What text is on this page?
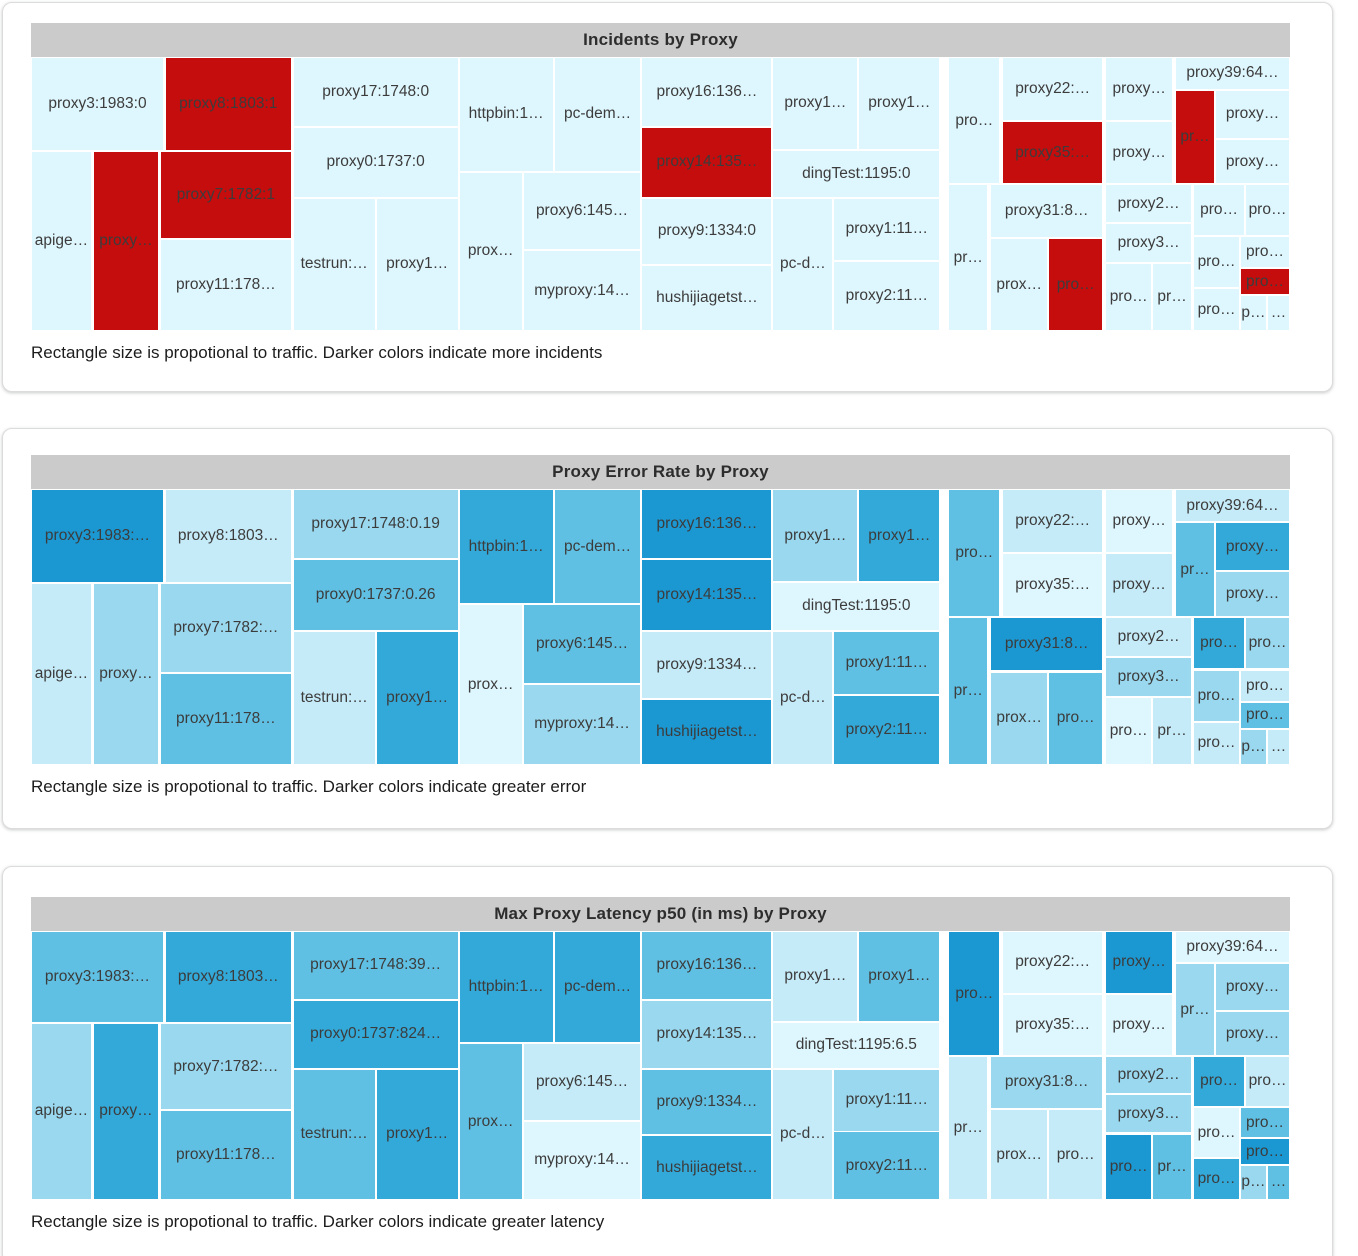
Incidents by Proxy
proxy3:1983:0	proxy8:1803:1
apige… proxy…
proxy7:1782:1
proxy11:178…
proxy17:1748:0
proxy0:1737:0
testrun:…	proxy1…
httpbin:1…	pc-dem…
prox…
proxy6:145…
myproxy:14…
proxy16:136…
proxy14:135…
proxy9:1334:0
hushijiagetst…
proxy1…	proxy1…
dingTest:1195:0
pc-d…
proxy1:11…
proxy2:11…
pro…
pr…
proxy22:…
proxy35:…
proxy31:8…
prox… pro…
proxy…
proxy…
proxy2…
proxy3…
pro… pr…
proxy39:64…
pr…
proxy…
proxy…
pro… pro…
pro…
pro…
pro…
pro… p… …
Rectangle size is propotional to traffic. Darker colors indicate more incidents
Proxy Error Rate by Proxy
proxy3:1983:…	proxy8:1803…
apige… proxy…
proxy7:1782:…
proxy11:178…
proxy17:1748:0.19
proxy0:1737:0.26
testrun:…	proxy1…
httpbin:1…	pc-dem…
prox…
proxy6:145…
myproxy:14…
proxy16:136…
proxy14:135…
proxy9:1334…
hushijiagetst…
proxy1…	proxy1…
dingTest:1195:0
pc-d…
proxy1:11…
proxy2:11…
pro…
pr…
proxy22:…
proxy35:…
proxy31:8…
prox… pro…
proxy…
proxy…
proxy2…
proxy3…
pro… pr…
proxy39:64…
pr…
proxy…
proxy…
pro… pro…
pro…
pro…
pro…
pro… p… …
Rectangle size is propotional to traffic. Darker colors indicate greater error
Max Proxy Latency p50 (in ms) by Proxy
proxy3:1983:…	proxy8:1803…
apige… proxy…
proxy7:1782:…
proxy11:178…
proxy17:1748:39…
proxy0:1737:824…
testrun:…	proxy1…
httpbin:1…	pc-dem…
prox…
proxy6:145…
myproxy:14…
proxy16:136…
proxy14:135…
proxy9:1334…
hushijiagetst…
proxy1…	proxy1…
dingTest:1195:6.5
pc-d…
proxy1:11…
proxy2:11…
pro…
pr…
proxy22:…
proxy35:…
proxy31:8…
prox… pro…
proxy…
proxy…
proxy2…
proxy3…
pro… pr…
proxy39:64…
pr…
proxy…
proxy…
pro… pro…
pro…
pro…
pro…
pro… p… …
Rectangle size is propotional to traffic. Darker colors indicate greater latency
